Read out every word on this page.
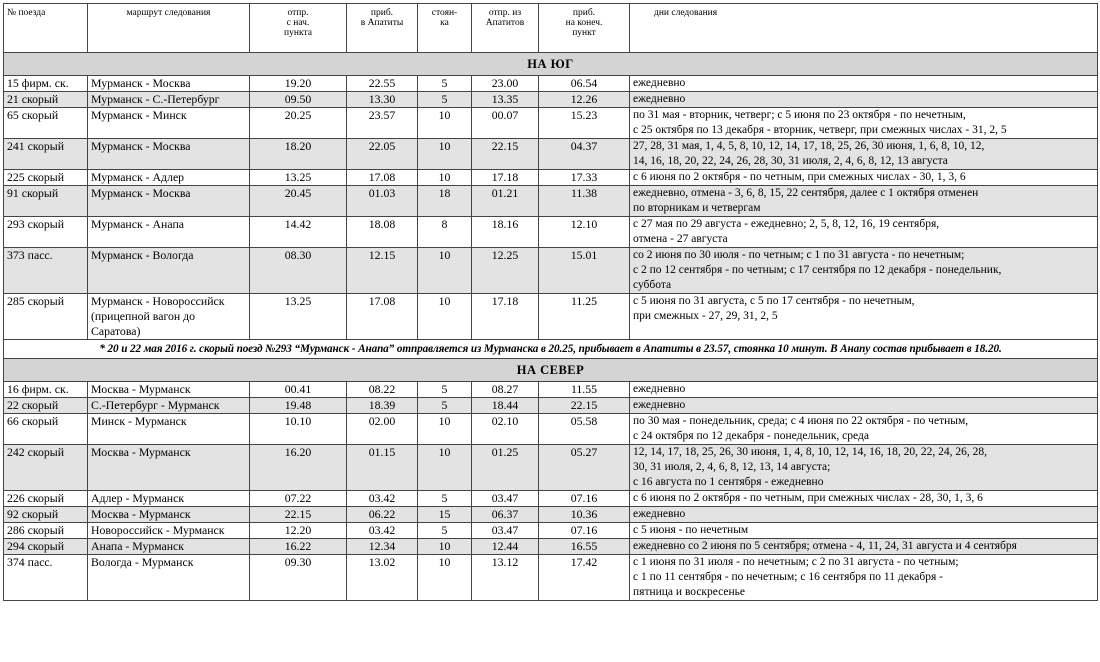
№ поезда	маршрут следования	отпр.
с нач.
пункта	приб.
в Апатиты	стоян-
ка	отпр. из
Апатитов	приб.
на конеч.
пункт	дни следования
НА ЮГ							
15 фирм. ск.	Мурманск - Москва	19.20	22.55	5	23.00	06.54	ежедневно
21 скорый	Мурманск - С.-Петербург	09.50	13.30	5	13.35	12.26	ежедневно
65 скорый	Мурманск - Минск	20.25	23.57	10	00.07	15.23	по 31 мая - вторник, четверг; с 5 июня по 23 октября - по нечетным,
с 25 октября по 13 декабря - вторник, четверг, при смежных числах - 31, 2, 5
241 скорый	Мурманск - Москва	18.20	22.05	10	22.15	04.37	27, 28, 31 мая, 1, 4, 5, 8, 10, 12, 14, 17, 18, 25, 26, 30 июня, 1, 6, 8, 10, 12,
14, 16, 18, 20, 22, 24, 26, 28, 30, 31 июля, 2, 4, 6, 8, 12, 13 августа
225 скорый	Мурманск - Адлер	13.25	17.08	10	17.18	17.33	с 6 июня по 2 октября - по четным, при смежных числах - 30, 1, 3, 6
91 скорый	Мурманск - Москва	20.45	01.03	18	01.21	11.38	ежедневно, отмена - 3, 6, 8, 15, 22 сентября, далее с 1 октября отменен
по вторникам и четвергам
293 скорый	Мурманск - Анапа	14.42	18.08	8	18.16	12.10	с 27 мая по 29 августа - ежедневно; 2, 5, 8, 12, 16, 19 сентября,
отмена - 27 августа
373 пасс.	Мурманск - Вологда	08.30	12.15	10	12.25	15.01	со 2 июня по 30 июля - по четным; с 1 по 31 августа - по нечетным;
с 2 по 12 сентября - по четным; с 17 сентября по 12 декабря - понедельник,
суббота
285 скорый	Мурманск - Новороссийск
(прицепной вагон до Саратова)	13.25	17.08	10	17.18	11.25	с 5 июня по 31 августа, с 5 по 17 сентября - по нечетным,
при смежных - 27, 29, 31, 2, 5
* 20 и 22 мая 2016 г. скорый поезд №293 “Мурманск - Анапа” отправляется из Мурманска в 20.25, прибывает в Апатиты в 23.57, стоянка 10 минут. В Анапу состав прибывает в 18.20.							
НА СЕВЕР							
16 фирм. ск.	Москва - Мурманск	00.41	08.22	5	08.27	11.55	ежедневно
22 скорый	С.-Петербург - Мурманск	19.48	18.39	5	18.44	22.15	ежедневно
66 скорый	Минск - Мурманск	10.10	02.00	10	02.10	05.58	по 30 мая - понедельник, среда; с 4 июня по 22 октября - по четным,
с 24 октября по 12 декабря - понедельник, среда
242 скорый	Москва - Мурманск	16.20	01.15	10	01.25	05.27	12, 14, 17, 18, 25, 26, 30 июня, 1, 4, 8, 10, 12, 14, 16, 18, 20, 22, 24, 26, 28,
30, 31 июля, 2, 4, 6, 8, 12, 13, 14 августа;
с 16 августа по 1 сентября - ежедневно
226 скорый	Адлер - Мурманск	07.22	03.42	5	03.47	07.16	с 6 июня по 2 октября - по четным, при смежных числах - 28, 30, 1, 3, 6
92 скорый	Москва - Мурманск	22.15	06.22	15	06.37	10.36	ежедневно
286 скорый	Новороссийск - Мурманск	12.20	03.42	5	03.47	07.16	с 5 июня - по нечетным
294 скорый	Анапа - Мурманск	16.22	12.34	10	12.44	16.55	ежедневно со 2 июня по 5 сентября; отмена - 4, 11, 24, 31 августа и 4 сентября
374 пасс.	Вологда - Мурманск	09.30	13.02	10	13.12	17.42	с 1 июня по 31 июля - по нечетным; с 2 по 31 августа - по четным;
с 1 по 11 сентября - по нечетным; с 16 сентября по 11 декабря -
пятница и воскресенье
